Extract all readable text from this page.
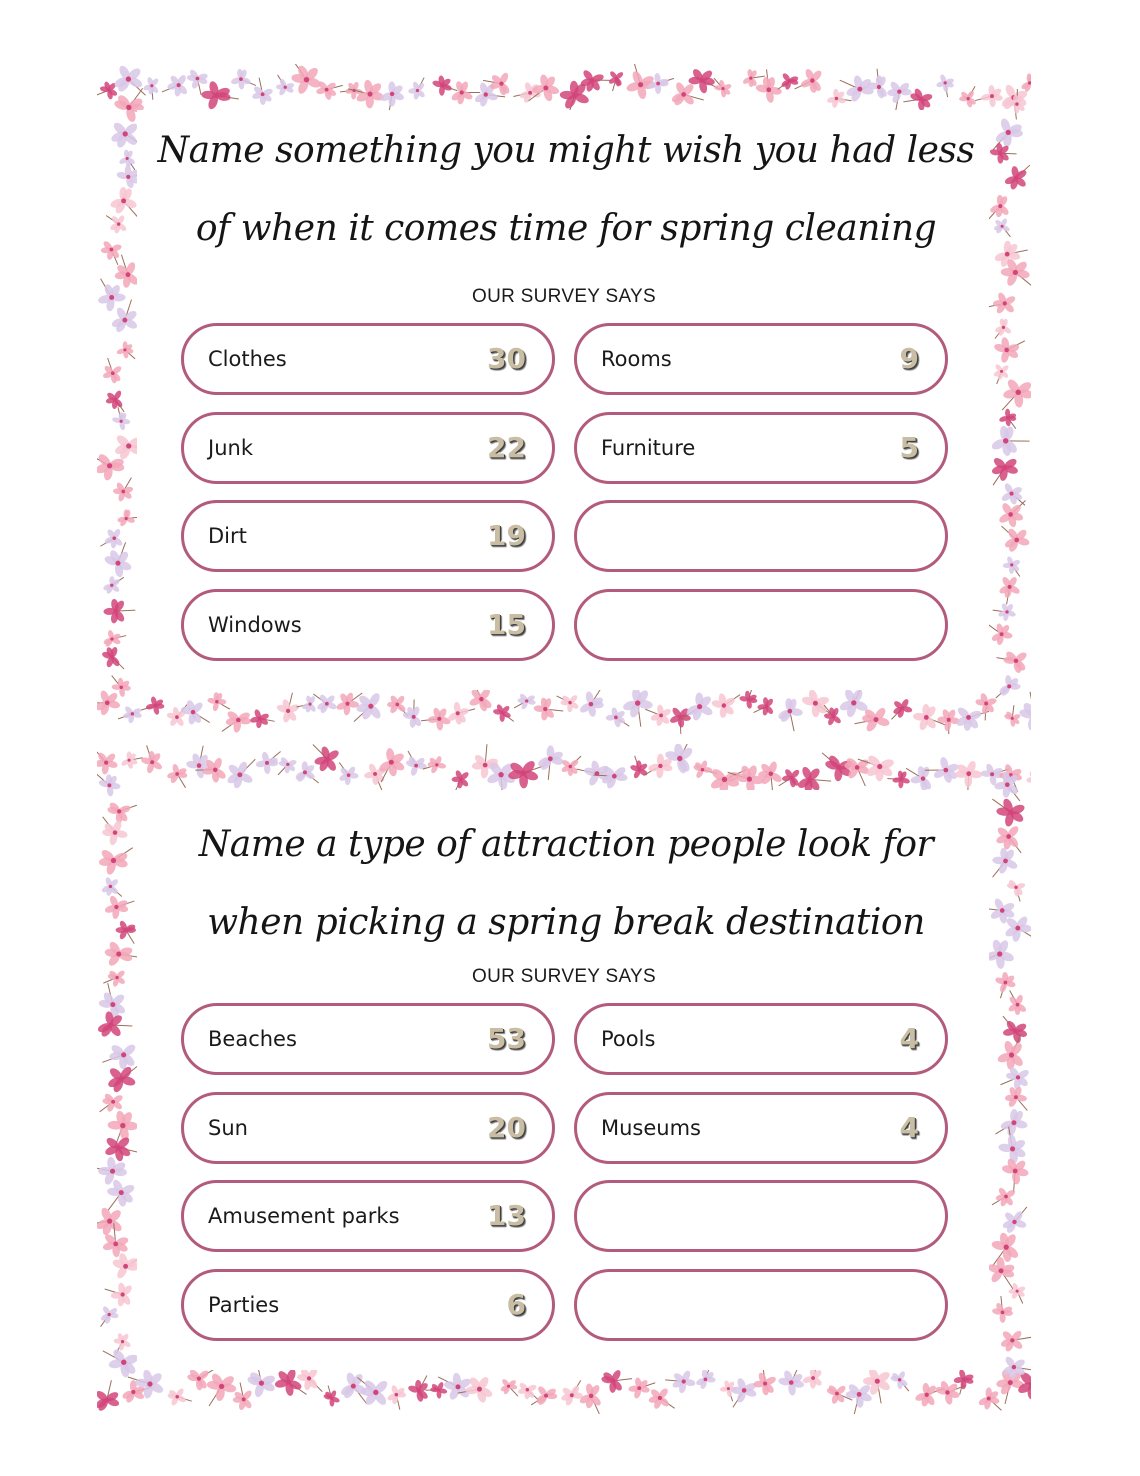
Name something you might wish you had less
of when it comes time for spring cleaning
OUR SURVEY SAYS
Clothes	30
Junk	22
Dirt	19
Windows	15
Rooms	9
Furniture	5
Name a type of attraction people look for
when picking a spring break destination
OUR SURVEY SAYS
Beaches	53
Sun	20
Amusement parks	13
Parties	6
Pools	4
Museums	4
